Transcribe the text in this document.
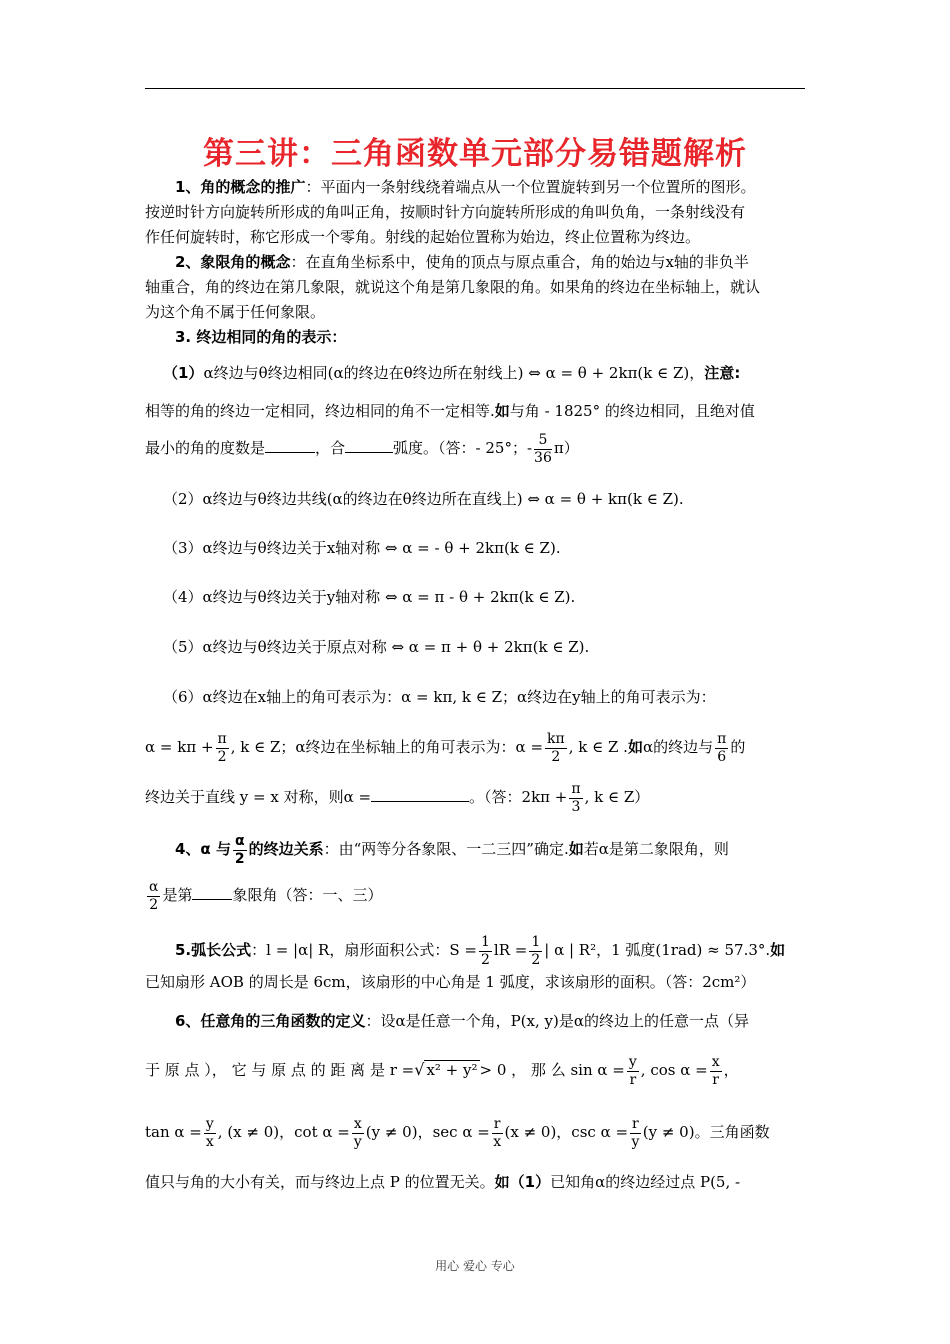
第三讲：三角函数单元部分易错题解析
1、角的概念的推广：平面内一条射线绕着端点从一个位置旋转到另一个位置所的图形。
按逆时针方向旋转所形成的角叫正角，按顺时针方向旋转所形成的角叫负角，一条射线没有
作任何旋转时，称它形成一个零角。射线的起始位置称为始边，终止位置称为终边。
2、象限角的概念：在直角坐标系中，使角的顶点与原点重合，角的始边与x轴的非负半
轴重合，角的终边在第几象限，就说这个角是第几象限的角。如果角的终边在坐标轴上，就认
为这个角不属于任何象限。
3. 终边相同的角的表示：
（1）α终边与θ终边相同(α的终边在θ终边所在射线上) ⇔ α = θ + 2kπ(k ∈ Z)，注意:
相等的角的终边一定相同，终边相同的角不一定相等.如与角 - 1825° 的终边相同，且绝对值
最小的角的度数是	，合	弧度。（答：- 25°；- $\frac{5}{36} \pi$）
（2）α终边与θ终边共线(α的终边在θ终边所在直线上) ⇔ α = θ + kπ(k ∈ Z).
（3）α终边与θ终边关于x轴对称 ⇔ α = - θ + 2kπ(k ∈ Z).
（4）α终边与θ终边关于y轴对称 ⇔ α = π - θ + 2kπ(k ∈ Z).
（5）α终边与θ终边关于原点对称 ⇔ α = π + θ + 2kπ(k ∈ Z).
（6）α终边在x轴上的角可表示为：α = kπ, k ∈ Z；α终边在y轴上的角可表示为：
$\alpha = k\pi + \frac{\pi}{2}$ , k ∈ Z；α终边在坐标轴上的角可表示为：$\alpha = \frac{k\pi}{2}$ , k ∈ Z .如α的终边与 $\frac{\pi}{6}$ 的
终边关于直线 y = x 对称，则α =	。（答：$2k\pi + \frac{\pi}{3}$ , k ∈ Z）
4、α 与 $\frac{\alpha}{2}$ 的终边关系：由“两等分各象限、一二三四”确定.如若α是第二象限角，则
$\frac{\alpha}{2}$ 是第	象限角（答：一、三）
5.弧长公式：l = |α| R，扇形面积公式：$S = \frac{1}{2}$ lR = $\frac{1}{2}$ | α | R²，1 弧度(1rad) ≈ 57.3°.如
已知扇形 AOB 的周长是 6cm，该扇形的中心角是 1 弧度，求该扇形的面积。（答：2cm²）
6、任意角的三角函数的定义：设α是任意一个角，P(x, y)是α的终边上的任意一点（异
于 原 点 ）， 它 与 原 点 的 距 离 是 r =√ x² + y² > 0 ， 那 么 $\sin \alpha = \frac{y}{r}$ , $\cos \alpha = \frac{x}{r}$ ，
$\tan \alpha = \frac{y}{x}$ , (x ≠ 0)，$\cot \alpha = \frac{x}{y} (y \ne 0)$，$\sec \alpha = \frac{r}{x} (x \ne 0)$，$\csc \alpha = \frac{r}{y} (y \ne 0)$。三角函数
值只与角的大小有关，而与终边上点 P 的位置无关。如（1）已知角α的终边经过点 P(5, -
用心 爱心 专心
